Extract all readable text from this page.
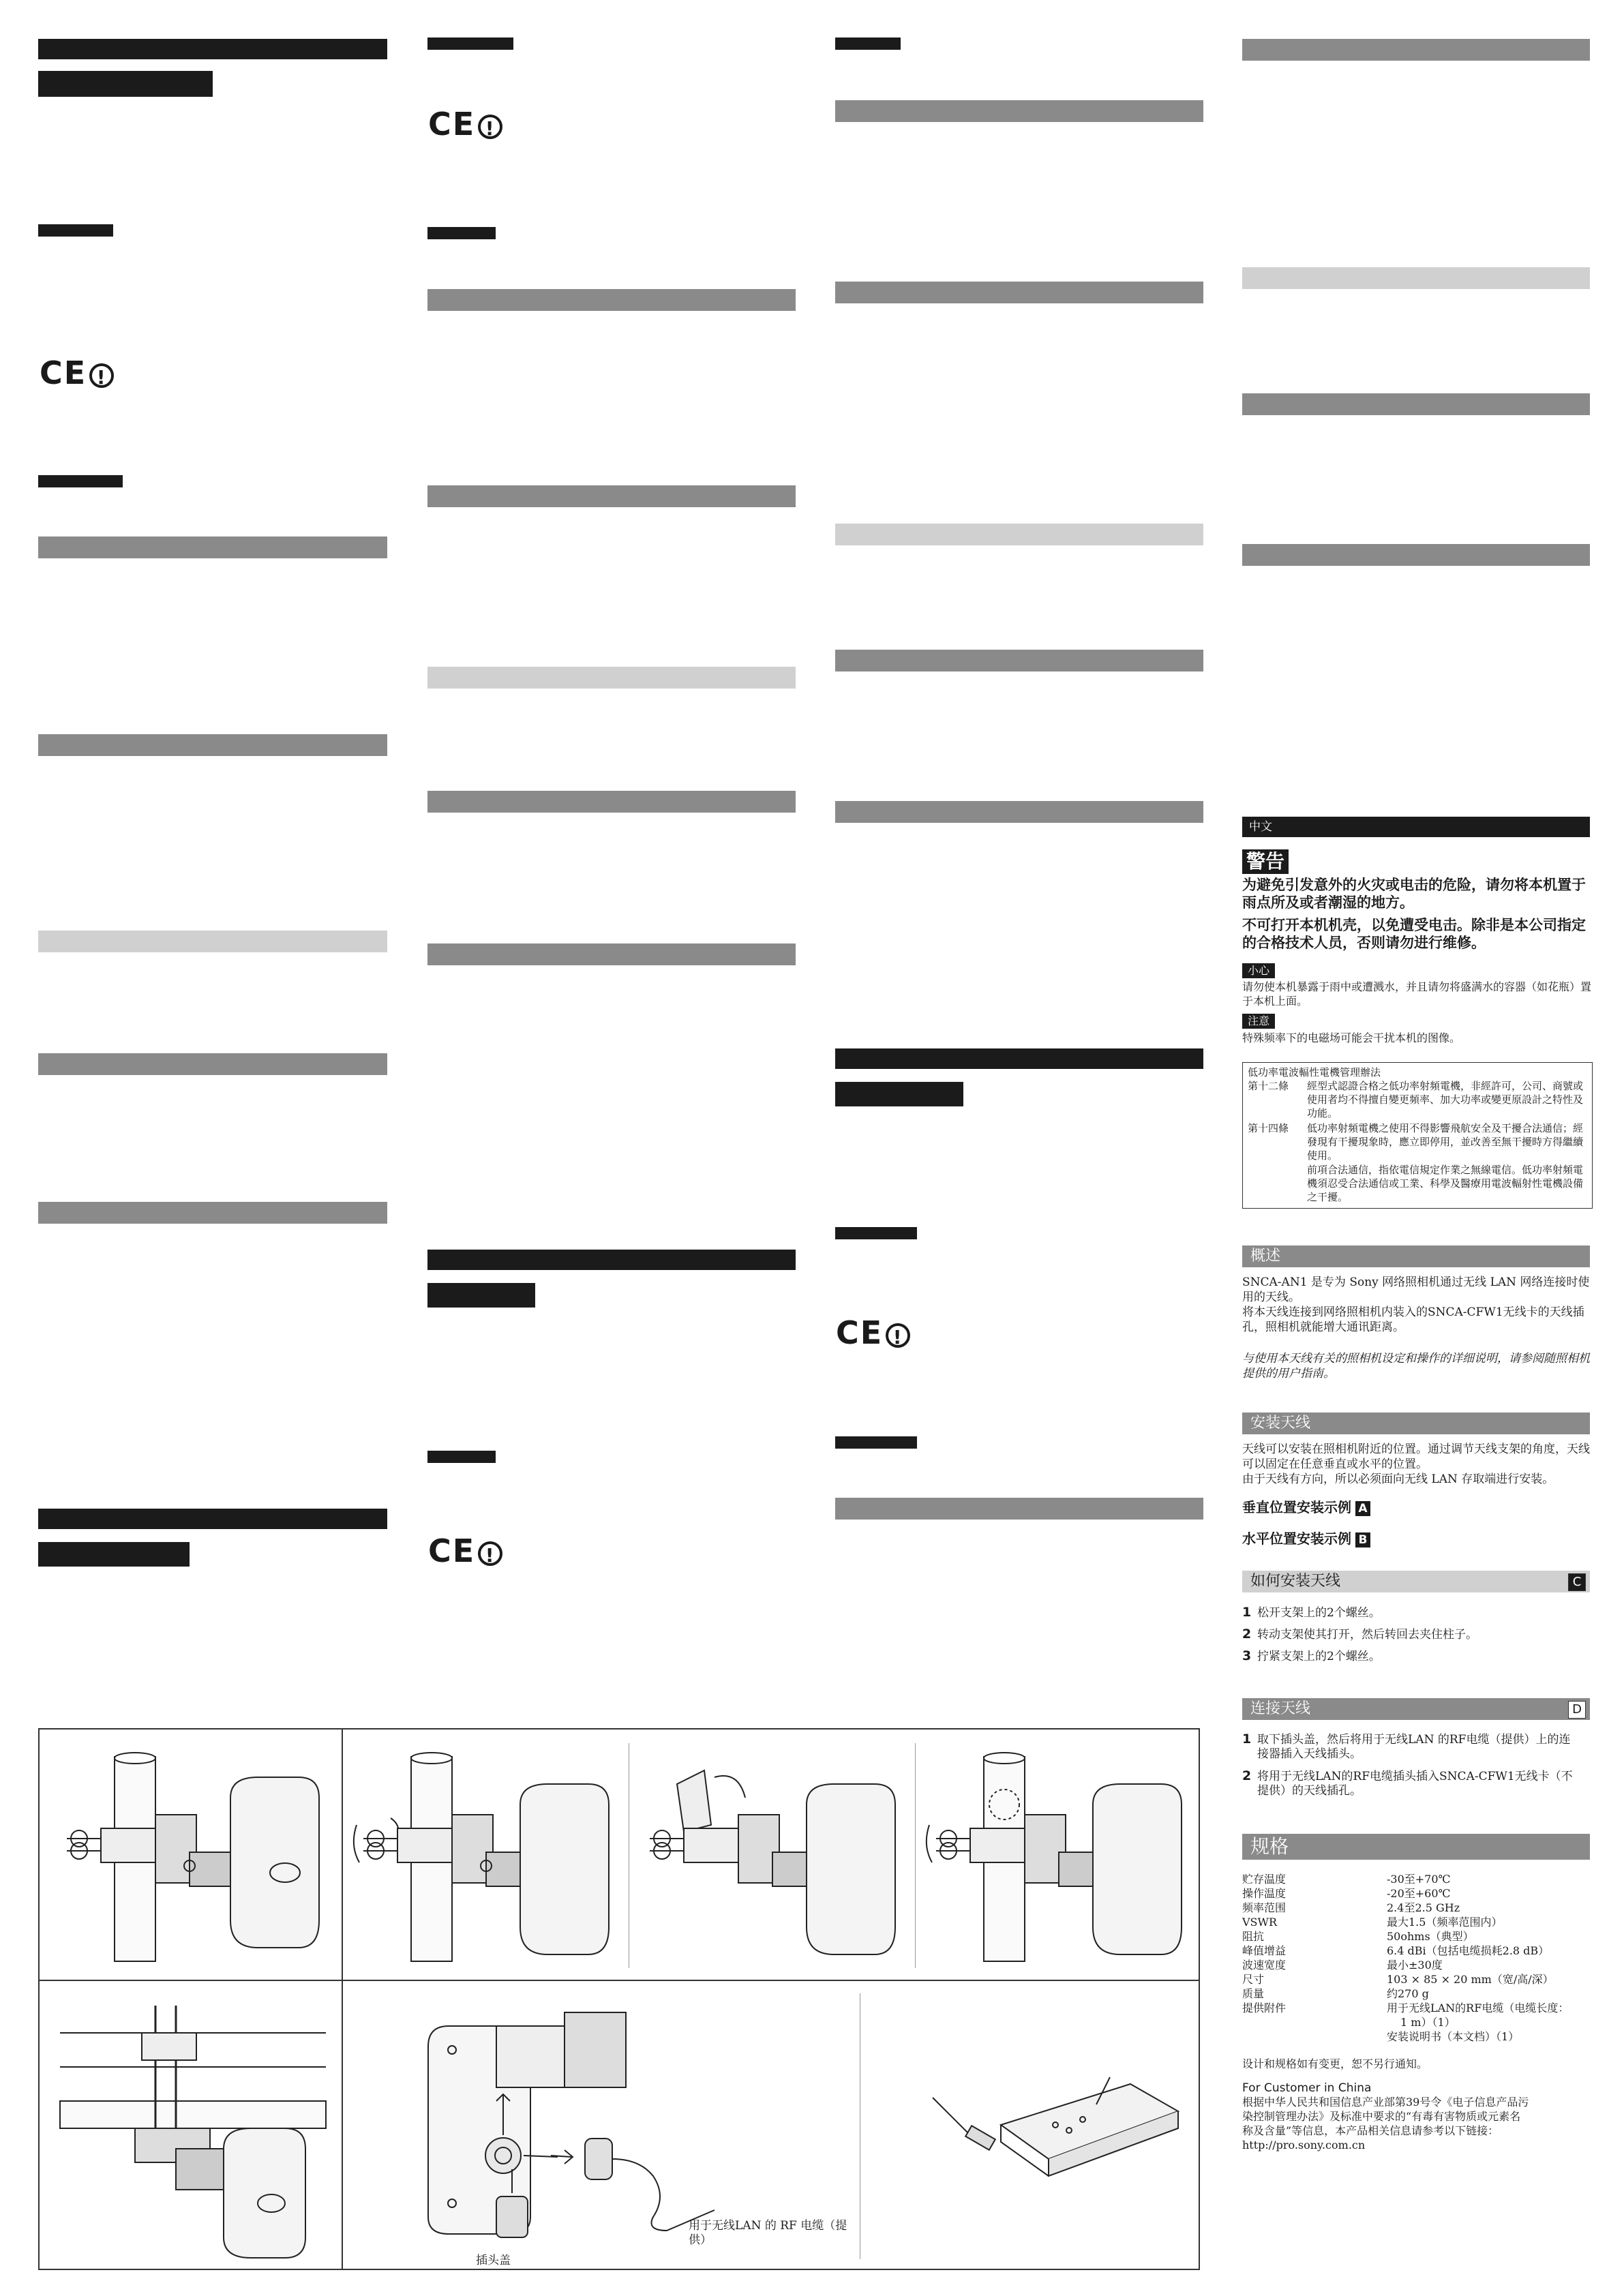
CE !
CE !
CE !
CE !
中文
警告
为避免引发意外的火灾或电击的危险，请勿将本机置于雨点所及或者潮湿的地方。
不可打开本机机壳，以免遭受电击。除非是本公司指定的合格技术人员，否则请勿进行维修。
小心
请勿使本机暴露于雨中或遭溅水，并且请勿将盛满水的容器（如花瓶）置于本机上面。
注意
特殊频率下的电磁场可能会干扰本机的图像。
低功率電波輻性電機管理辦法
第十二條 經型式認證合格之低功率射頻電機，非經許可，公司、商號或使用者均不得擅自變更頻率、加大功率或變更原設計之特性及功能。
第十四條 低功率射頻電機之使用不得影響飛航安全及干擾合法通信；經發現有干擾現象時，應立即停用，並改善至無干擾時方得繼續使用。
前項合法通信，指依電信規定作業之無線電信。低功率射頻電機須忍受合法通信或工業、科學及醫療用電波輻射性電機設備之干擾。
概述
SNCA-AN1 是专为 Sony 网络照相机通过无线 LAN 网络连接时使用的天线。
将本天线连接到网络照相机内装入的SNCA-CFW1无线卡的天线插孔，照相机就能增大通讯距离。
与使用本天线有关的照相机设定和操作的详细说明，请参阅随照相机提供的用户指南。
安装天线
天线可以安装在照相机附近的位置。通过调节天线支架的角度，天线可以固定在任意垂直或水平的位置。
由于天线有方向，所以必须面向无线 LAN 存取端进行安装。
垂直位置安装示例 A
水平位置安装示例 B
如何安装天线	C
1 松开支架上的2个螺丝。
2 转动支架使其打开，然后转回去夹住柱子。
3 拧紧支架上的2个螺丝。
连接天线	D
1 取下插头盖，然后将用于无线LAN 的RF电缆（提供）上的连
接器插入天线插头。
2 将用于无线LAN的RF电缆插头插入SNCA-CFW1无线卡（不
提供）的天线插孔。
规格
贮存温度	-30至+70℃
操作温度	-20至+60℃
频率范围	2.4至2.5 GHz
VSWR	最大1.5（频率范围内）
阻抗	50ohms（典型）
峰值增益	6.4 dBi（包括电缆损耗2.8 dB）
波速宽度	最小±30度
尺寸	103 × 85 × 20 mm（宽/高/深）
质量	约270 g
提供附件	用于无线LAN的RF电缆（电缆长度：
1 m）（1）
安装说明书（本文档）（1）
设计和规格如有变更，恕不另行通知。
For Customer in China
根据中华人民共和国信息产业部第39号令《电子信息产品污
染控制管理办法》及标准中要求的“有毒有害物质或元素名
称及含量”等信息，本产品相关信息请参考以下链接：
http://pro.sony.com.cn
用于无线LAN 的 RF 电缆（提
供）
插头盖
